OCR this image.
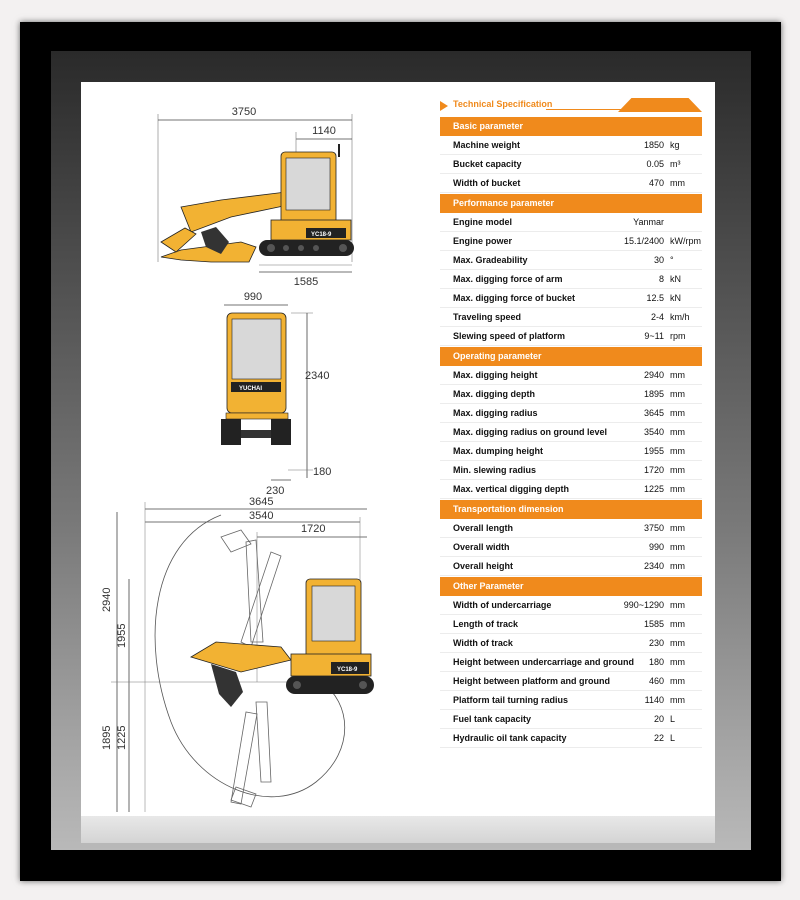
3750
1140
YC18-9
1585
990
2340
YUCHAI
180
230
3645
3540
1720
2940
1955
1895 1225
YC18-9
Technical Specification
Basic parameter
Machine weight	1850 kg
Bucket capacity	0.05 m³
Width of bucket	470 mm
Performance parameter
Engine model	Yanmar
Engine power	15.1/2400 kW/rpm
Max. Gradeability	30 °
Max. digging force of arm	8 kN
Max. digging force of bucket	12.5 kN
Traveling speed	2-4 km/h
Slewing speed of platform	9~11 rpm
Operating parameter
Max. digging height	2940 mm
Max. digging depth	1895 mm
Max. digging radius	3645 mm
Max. digging radius on ground level	3540 mm
Max. dumping height	1955 mm
Min. slewing radius	1720 mm
Max. vertical digging depth	1225 mm
Transportation dimension
Overall length	3750 mm
Overall width	990 mm
Overall height	2340 mm
Other Parameter
Width of undercarriage	990~1290 mm
Length of track	1585 mm
Width of track	230 mm
Height between undercarriage and ground 180 mm
Height between platform and ground	460 mm
Platform tail turning radius	1140 mm
Fuel tank capacity	20 L
Hydraulic oil tank capacity	22 L
